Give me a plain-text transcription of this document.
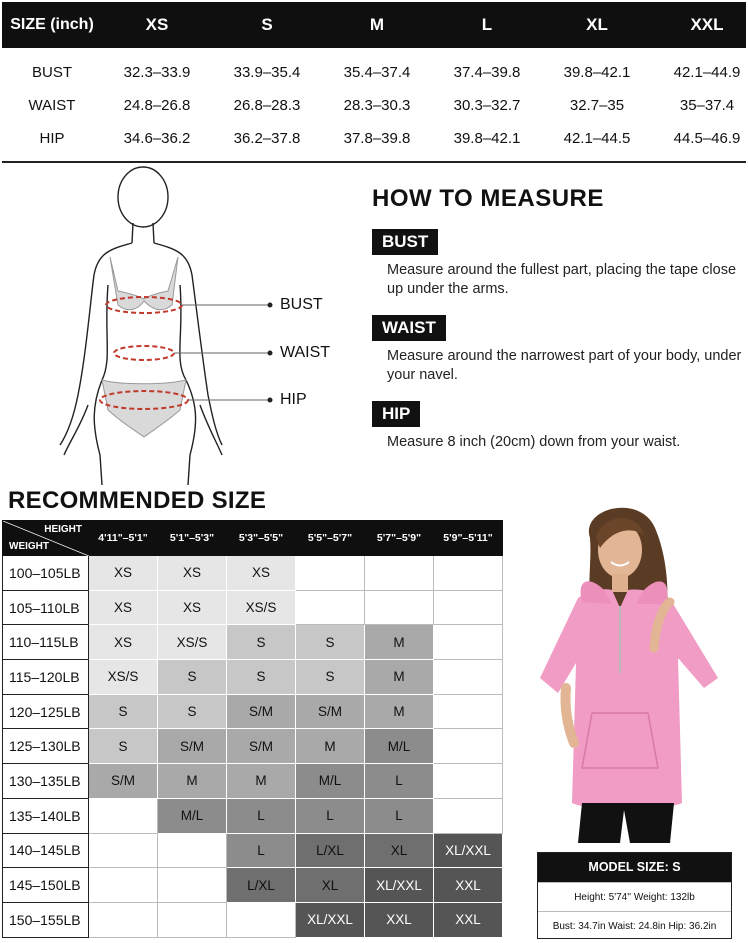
SIZE (inch)	XS	S	M	L	XL	XXL
BUST	32.3–33.9	33.9–35.4	35.4–37.4	37.4–39.8	39.8–42.1	42.1–44.9
WAIST	24.8–26.8	26.8–28.3	28.3–30.3	30.3–32.7	32.7–35	35–37.4
HIP	34.6–36.2	36.2–37.8	37.8–39.8	39.8–42.1	42.1–44.5	44.5–46.9
BUST
WAIST
HIP
HOW TO MEASURE
BUST
Measure around the fullest part, placing the tape close up under the arms.
WAIST
Measure around the narrowest part of your body, under your navel.
HIP
Measure 8 inch (20cm) down from your waist.
RECOMMENDED SIZE
HEIGHT
WEIGHT	4'11"–5'1"	5'1"–5'3"	5'3"–5'5"	5'5"–5'7"	5'7"–5'9"	5'9"–5'11"
100–105LB	XS	XS	XS			
105–110LB	XS	XS	XS/S			
110–115LB	XS	XS/S	S	S	M	
115–120LB	XS/S	S	S	S	M	
120–125LB	S	S	S/M	S/M	M	
125–130LB	S	S/M	S/M	M	M/L	
130–135LB	S/M	M	M	M/L	L	
135–140LB		M/L	L	L	L	
140–145LB			L	L/XL	XL	XL/XXL
145–150LB			L/XL	XL	XL/XXL	XXL
150–155LB				XL/XXL	XXL	XXL
MODEL SIZE: S
Height: 5'74'' Weight: 132lb
Bust: 34.7in Waist: 24.8in Hip: 36.2in
